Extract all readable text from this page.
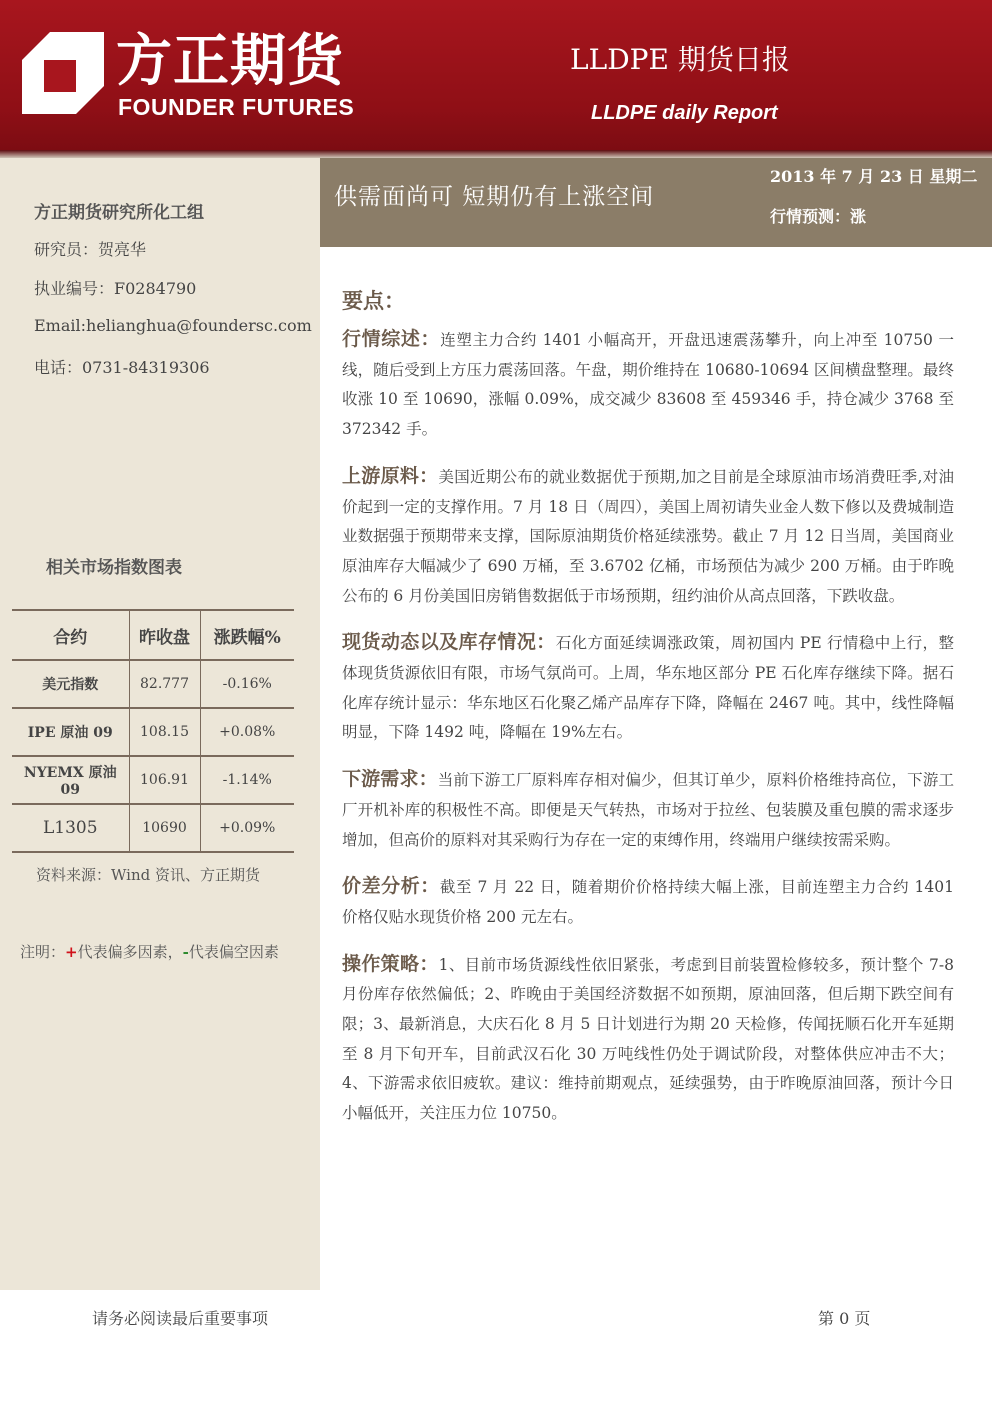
方正期货
FOUNDER FUTURES
LLDPE 期货日报
LLDPE daily Report
方正期货研究所化工组
研究员：贺亮华
执业编号：F0284790
Email:helianghua@foundersc.com
电话：0731-84319306
相关市场指数图表
合约	昨收盘	涨跌幅%
美元指数	82.777	-0.16%
IPE 原油 09	108.15	+0.08%
NYEMX 原油 09	106.91	-1.14%
L1305	10690	+0.09%
资料来源：Wind 资讯、方正期货
注明：+代表偏多因素，-代表偏空因素
供需面尚可 短期仍有上涨空间
2013 年 7 月 23 日 星期二
行情预测：涨
要点：
行情综述：连塑主力合约 1401 小幅高开，开盘迅速震荡攀升，向上冲至 10750 一线，随后受到上方压力震荡回落。午盘，期价维持在 10680-10694 区间横盘整理。最终收涨 10 至 10690，涨幅 0.09%，成交减少 83608 至 459346 手，持仓减少 3768 至 372342 手。
上游原料：美国近期公布的就业数据优于预期,加之目前是全球原油市场消费旺季,对油价起到一定的支撑作用。7 月 18 日（周四），美国上周初请失业金人数下修以及费城制造业数据强于预期带来支撑，国际原油期货价格延续涨势。截止 7 月 12 日当周，美国商业原油库存大幅减少了 690 万桶，至 3.6702 亿桶，市场预估为减少 200 万桶。由于昨晚公布的 6 月份美国旧房销售数据低于市场预期，纽约油价从高点回落，下跌收盘。
现货动态以及库存情况：石化方面延续调涨政策，周初国内 PE 行情稳中上行，整体现货货源依旧有限，市场气氛尚可。上周，华东地区部分 PE 石化库存继续下降。据石化库存统计显示：华东地区石化聚乙烯产品库存下降，降幅在 2467 吨。其中，线性降幅明显，下降 1492 吨，降幅在 19%左右。
下游需求：当前下游工厂原料库存相对偏少，但其订单少，原料价格维持高位，下游工厂开机补库的积极性不高。即便是天气转热，市场对于拉丝、包装膜及重包膜的需求逐步增加，但高价的原料对其采购行为存在一定的束缚作用，终端用户继续按需采购。
价差分析：截至 7 月 22 日，随着期价价格持续大幅上涨，目前连塑主力合约 1401 价格仅贴水现货价格 200 元左右。
操作策略：1、目前市场货源线性依旧紧张，考虑到目前装置检修较多，预计整个 7-8 月份库存依然偏低；2、昨晚由于美国经济数据不如预期，原油回落，但后期下跌空间有限；3、最新消息，大庆石化 8 月 5 日计划进行为期 20 天检修，传闻抚顺石化开车延期至 8 月下旬开车，目前武汉石化 30 万吨线性仍处于调试阶段，对整体供应冲击不大；4、下游需求依旧疲软。建议：维持前期观点，延续强势，由于昨晚原油回落，预计今日小幅低开，关注压力位 10750。
请务必阅读最后重要事项	第 0 页
